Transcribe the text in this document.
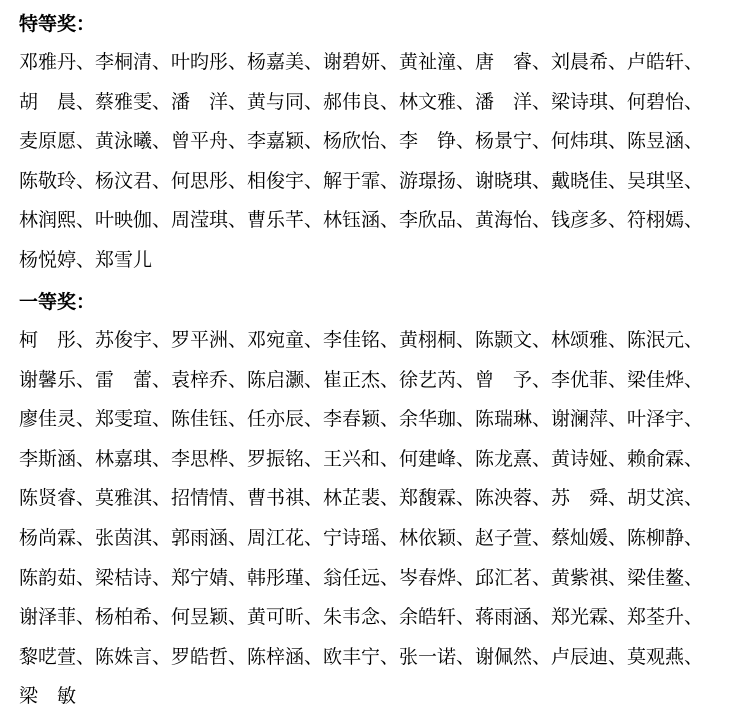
特等奖：
邓雅丹、李桐清、叶昀彤、杨嘉美、谢碧妍、黄祉潼、唐　睿、刘晨希、卢皓轩、
胡　晨、蔡雅雯、潘　洋、黄与同、郝伟良、林文雅、潘　洋、梁诗琪、何碧怡、
麦原愿、黄泳曦、曾平舟、李嘉颖、杨欣怡、李　铮、杨景宁、何炜琪、陈昱涵、
陈敬玲、杨汶君、何思彤、相俊宇、解于霏、游璟扬、谢晓琪、戴晓佳、吴琪坚、
林润熙、叶映伽、周滢琪、曹乐芊、林钰涵、李欣品、黄海怡、钱彦多、符栩嫣、
杨悦婷、郑雪儿
一等奖：
柯　彤、苏俊宇、罗平洲、邓宛童、李佳铭、黄栩桐、陈颢文、林颂雅、陈泯元、
谢馨乐、雷　蕾、袁梓乔、陈启灏、崔正杰、徐艺芮、曾　予、李优菲、梁佳烨、
廖佳灵、郑雯瑄、陈佳钰、任亦辰、李春颖、余华珈、陈瑞琳、谢澜萍、叶泽宇、
李斯涵、林嘉琪、李思桦、罗振铭、王兴和、何建峰、陈龙熹、黄诗娅、赖俞霖、
陈贤睿、莫雅淇、招情情、曹书祺、林芷裴、郑馥霖、陈泱蓉、苏　舜、胡艾滨、
杨尚霖、张茵淇、郭雨涵、周江花、宁诗瑶、林依颖、赵子萱、蔡灿媛、陈柳静、
陈韵茹、梁桔诗、郑宁婧、韩彤瑾、翁任远、岑春烨、邱汇茗、黄紫祺、梁佳鳌、
谢泽菲、杨柏希、何昱颖、黄可昕、朱韦念、余皓轩、蒋雨涵、郑光霖、郑荃升、
黎呓萱、陈姝言、罗皓哲、陈梓涵、欧丰宁、张一诺、谢佩然、卢辰迪、莫观燕、
梁　敏
